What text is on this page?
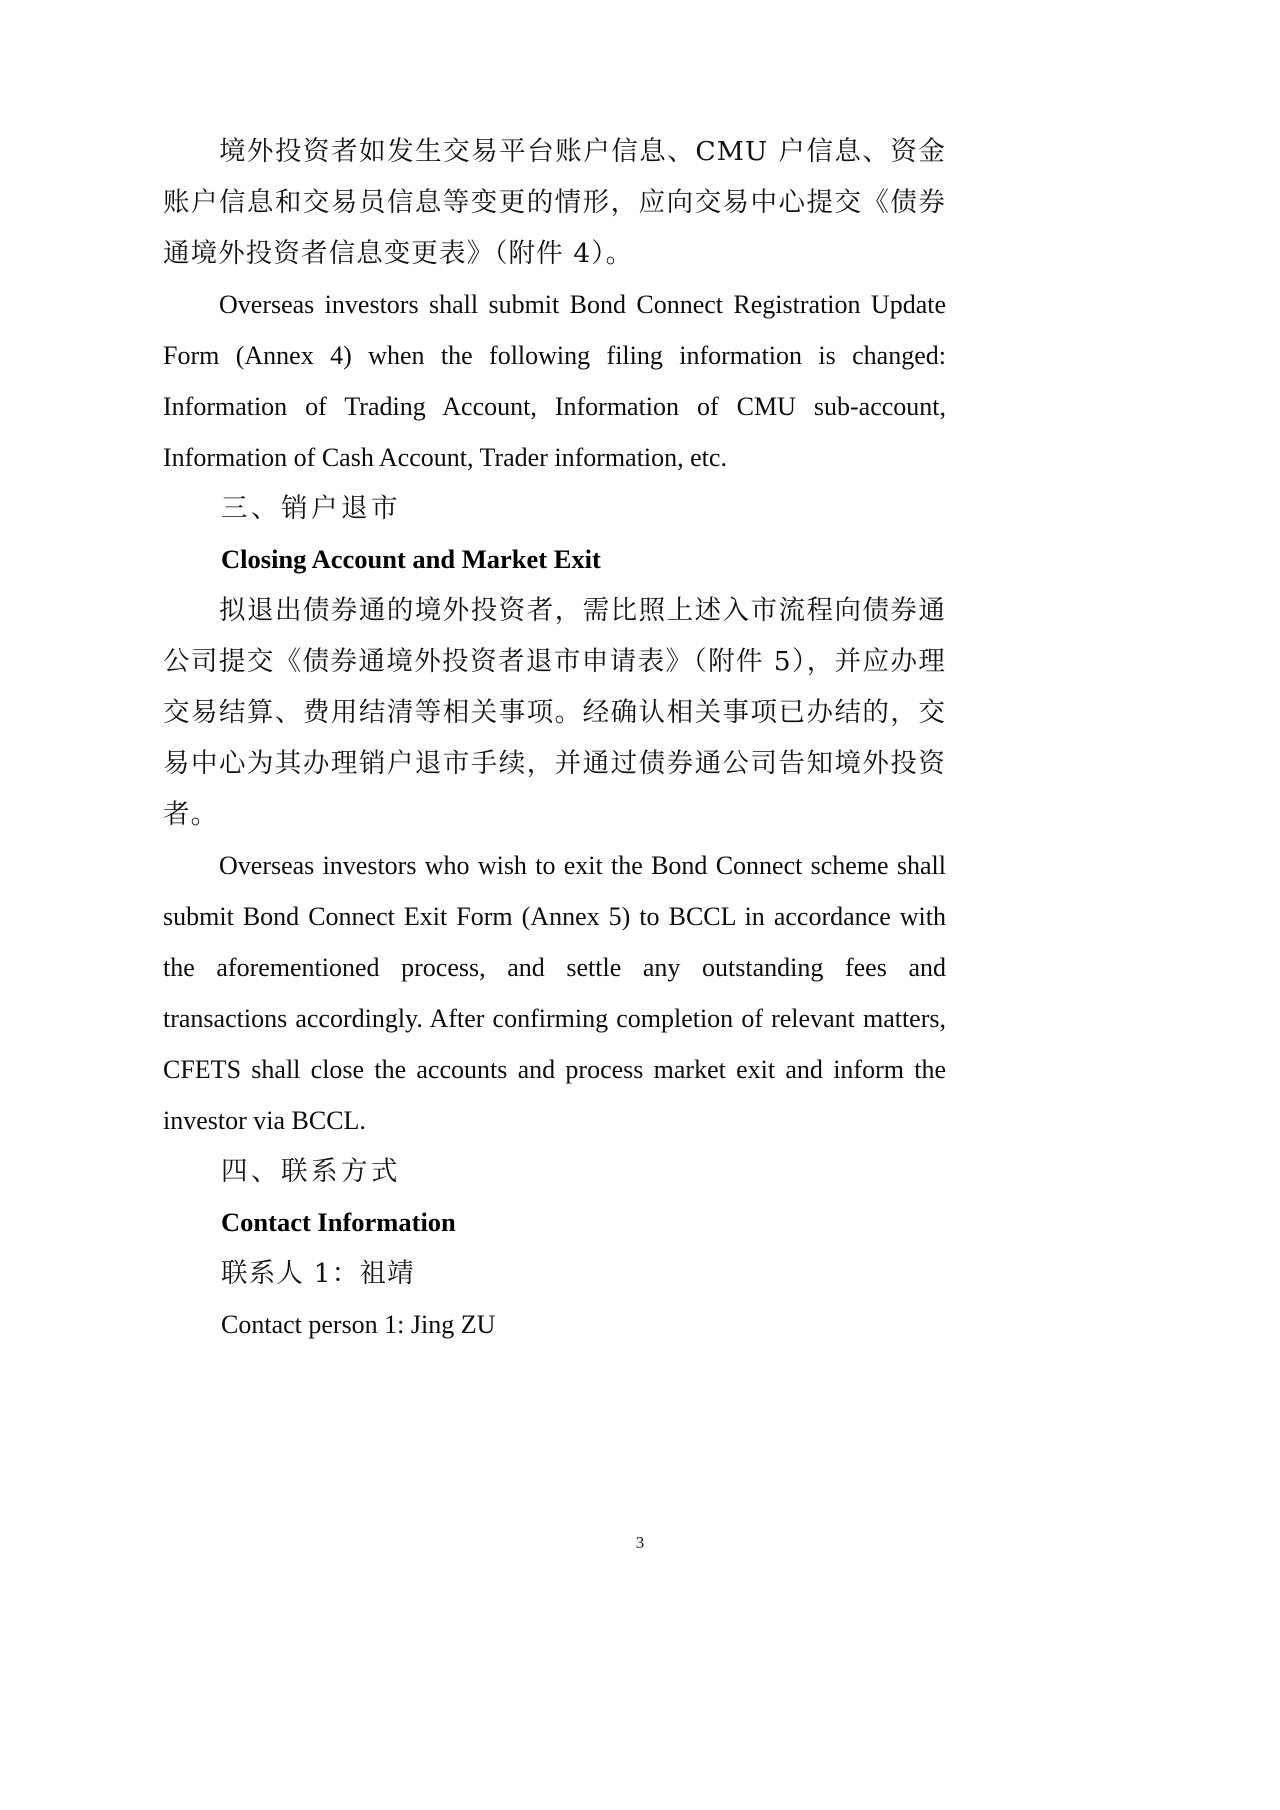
境外投资者如发生交易平台账户信息、CMU 户信息、资金账户信息和交易员信息等变更的情形，应向交易中心提交《债券通境外投资者信息变更表》（附件 4）。

Overseas investors shall submit Bond Connect Registration Update Form (Annex 4) when the following filing information is changed: Information of Trading Account, Information of CMU sub-account, Information of Cash Account, Trader information, etc.

三、销户退市
Closing Account and Market Exit

拟退出债券通的境外投资者，需比照上述入市流程向债券通公司提交《债券通境外投资者退市申请表》（附件 5），并应办理交易结算、费用结清等相关事项。经确认相关事项已办结的，交易中心为其办理销户退市手续，并通过债券通公司告知境外投资者。

Overseas investors who wish to exit the Bond Connect scheme shall submit Bond Connect Exit Form (Annex 5) to BCCL in accordance with the aforementioned process, and settle any outstanding fees and transactions accordingly. After confirming completion of relevant matters, CFETS shall close the accounts and process market exit and inform the investor via BCCL.

四、联系方式
Contact Information

联系人 1：祖靖

Contact person 1: Jing ZU

3
